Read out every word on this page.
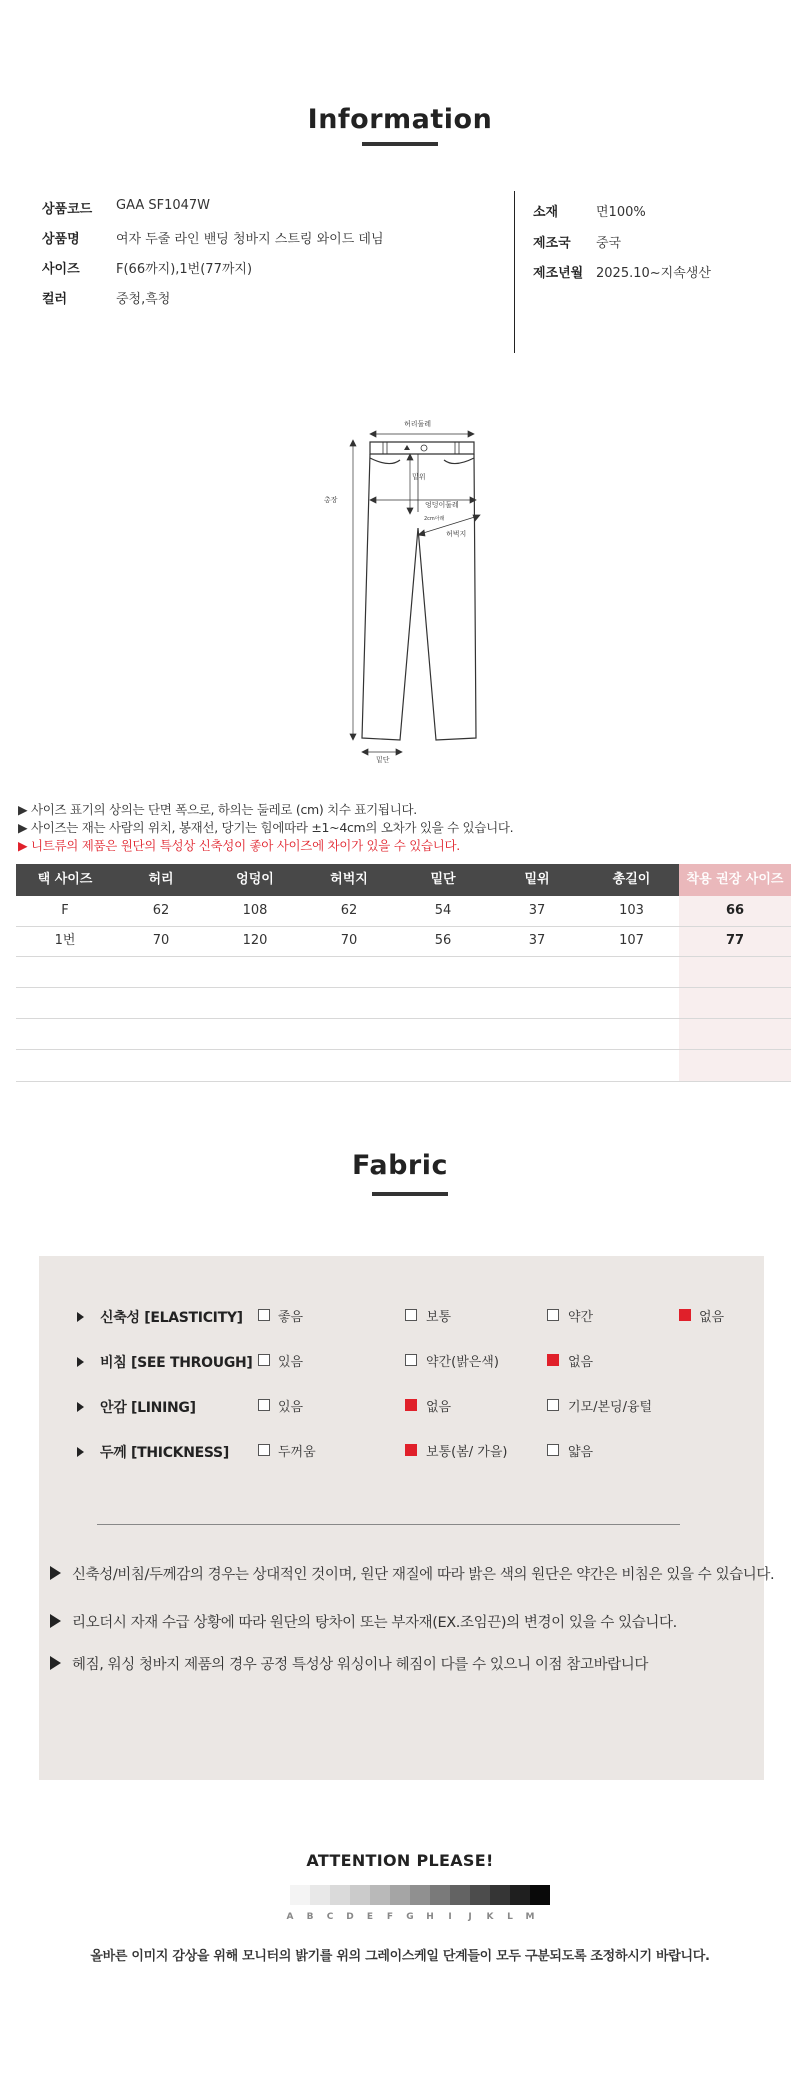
Information
상품코드 GAA SF1047W
상품명	여자 두줄 라인 밴딩 청바지 스트링 와이드 데님
사이즈	F(66까지),1번(77까지)
컬러	중청,흑청
소재	면100%
제조국 중국
제조년월 2025.10~지속생산
허리둘레
밑위
총장
엉덩이둘레
2cm아래
허벅지
밑단
▶ 사이즈 표기의 상의는 단면 폭으로, 하의는 둘레로 (cm) 치수 표기됩니다.
▶ 사이즈는 재는 사람의 위치, 봉재선, 당기는 힘에따라 ±1~4cm의 오차가 있을 수 있습니다.
▶ 니트류의 제품은 원단의 특성상 신축성이 좋아 사이즈에 차이가 있을 수 있습니다.
택 사이즈	허리	엉덩이	허벅지	밑단	밑위	총길이	착용 권장 사이즈
F	62	108	62	54	37	103	66
1번	70	120	70	56	37	107	77
Fabric
신축성 [ELASTICITY]	좋음	보통	약간	없음
비침 [SEE THROUGH] 있음	약간(밝은색)	없음
안감 [LINING]	있음	없음	기모/본딩/융털
두께 [THICKNESS]	두꺼움	보통(봄/ 가을)	얇음
신축성/비침/두께감의 경우는 상대적인 것이며, 원단 재질에 따라 밝은 색의 원단은 약간은 비침은 있을 수 있습니다.
리오더시 자재 수급 상황에 따라 원단의 탕차이 또는 부자재(EX.조임끈)의 변경이 있을 수 있습니다.
헤짐, 워싱 청바지 제품의 경우 공정 특성상 워싱이나 헤짐이 다를 수 있으니 이점 참고바랍니다
ATTENTION PLEASE!
A	B	C	D	E	F	G	H	I	J	K	L	M
올바른 이미지 감상을 위해 모니터의 밝기를 위의 그레이스케일 단계들이 모두 구분되도록 조정하시기 바랍니다.
